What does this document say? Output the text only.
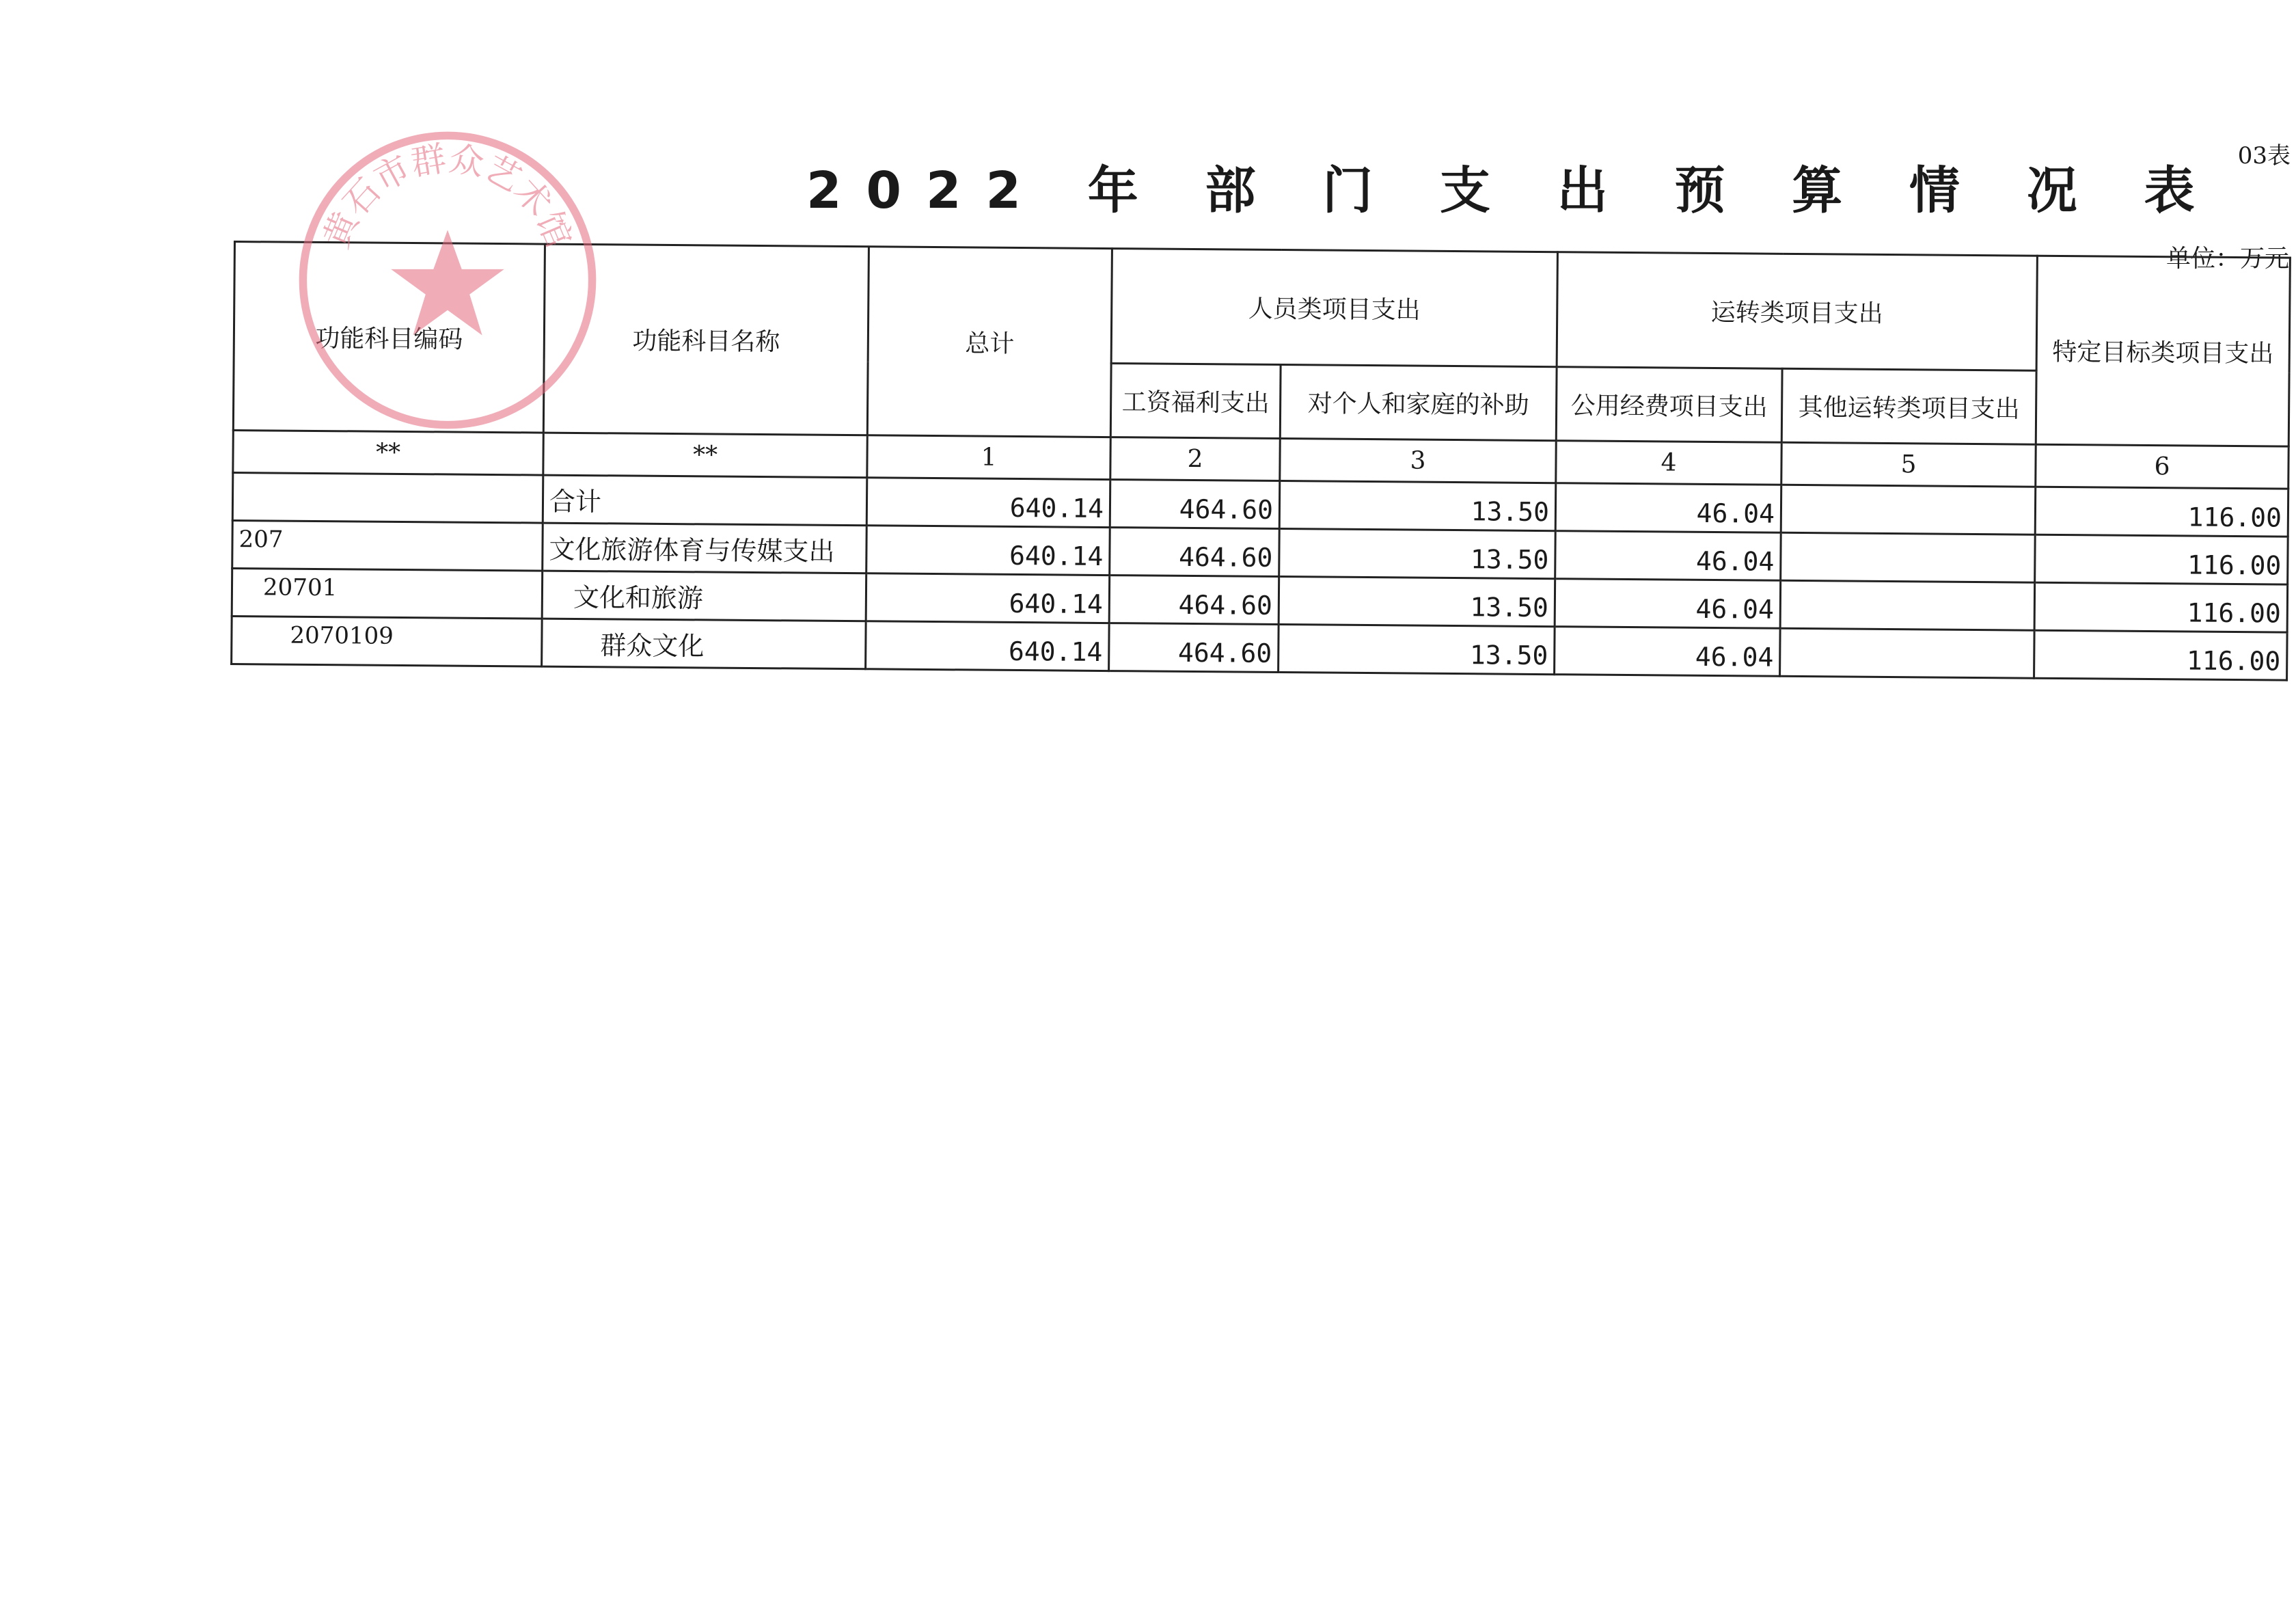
03表
2022 年 部 门 支 出 预 算 情 况 表
单位：万元
功能科目编码	功能科目名称	总计	人员类项目支出		运转类项目支出		特定目标类项目支出
			工资福利支出	对个人和家庭的补助	公用经费项目支出	其他运转类项目支出	
**	**	1	2	3	4	5	6
	合计	640.14	464.60	13.50	46.04		116.00
207	文化旅游体育与传媒支出	640.14	464.60	13.50	46.04		116.00
20701	文化和旅游	640.14	464.60	13.50	46.04		116.00
2070109	群众文化	640.14	464.60	13.50	46.04		116.00
黄石市群众艺术馆
